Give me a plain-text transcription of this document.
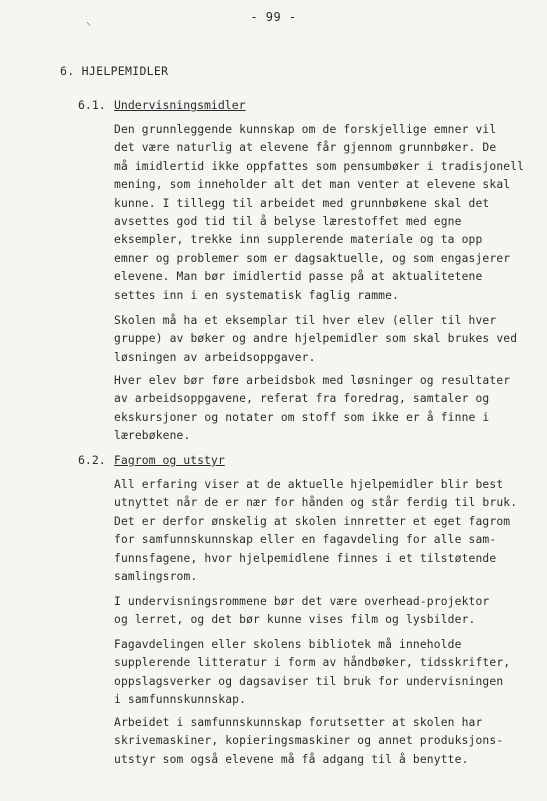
⸌
- 99 -
6. HJELPEMIDLER
6.1. Undervisningsmidler
Den grunnleggende kunnskap om de forskjellige emner vil
det være naturlig at elevene får gjennom grunnbøker. De
må imidlertid ikke oppfattes som pensumbøker i tradisjonell
mening, som inneholder alt det man venter at elevene skal
kunne. I tillegg til arbeidet med grunnbøkene skal det
avsettes god tid til å belyse lærestoffet med egne
eksempler, trekke inn supplerende materiale og ta opp
emner og problemer som er dagsaktuelle, og som engasjerer
elevene. Man bør imidlertid passe på at aktualitetene
settes inn i en systematisk faglig ramme.
Skolen må ha et eksemplar til hver elev (eller til hver
gruppe) av bøker og andre hjelpemidler som skal brukes ved
løsningen av arbeidsoppgaver.
Hver elev bør føre arbeidsbok med løsninger og resultater
av arbeidsoppgavene, referat fra foredrag, samtaler og
ekskursjoner og notater om stoff som ikke er å finne i
lærebøkene.
6.2. Fagrom og utstyr
All erfaring viser at de aktuelle hjelpemidler blir best
utnyttet når de er nær for hånden og står ferdig til bruk.
Det er derfor ønskelig at skolen innretter et eget fagrom
for samfunnskunnskap eller en fagavdeling for alle sam-
funnsfagene, hvor hjelpemidlene finnes i et tilstøtende
samlingsrom.
I undervisningsrommene bør det være overhead-projektor
og lerret, og det bør kunne vises film og lysbilder.
Fagavdelingen eller skolens bibliotek må inneholde
supplerende litteratur i form av håndbøker, tidsskrifter,
oppslagsverker og dagsaviser til bruk for undervisningen
i samfunnskunnskap.
Arbeidet i samfunnskunnskap forutsetter at skolen har
skrivemaskiner, kopieringsmaskiner og annet produksjons-
utstyr som også elevene må få adgang til å benytte.
